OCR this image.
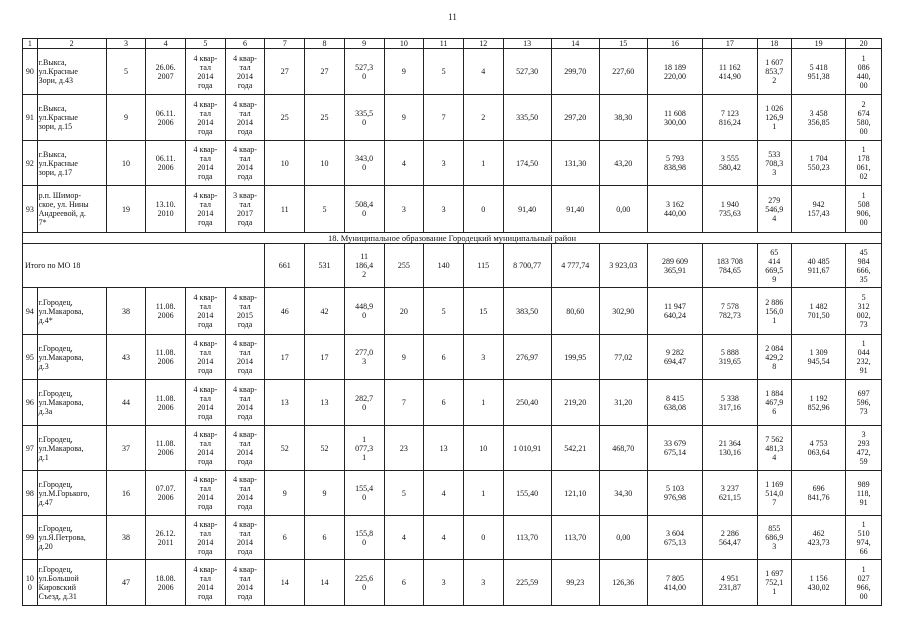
11
1	2	3	4	5	6	7	8	9	10	11	12	13	14	15	16	17	18	19	20
90	г.Выкса,
ул.Красные
Зори, д.43	5	26.06.
2007	4 квар-
тал
2014
года	4 квар-
тал
2014
года	27	27	527,3
0	9	5	4	527,30	299,70	227,60	18 189
220,00	11 162
414,90	1 607
853,7
2	5 418
951,38	1
086
440,
00
91	г.Выкса,
ул.Красные
зори, д.15	9	06.11.
2006	4 квар-
тал
2014
года	4 квар-
тал
2014
года	25	25	335,5
0	9	7	2	335,50	297,20	38,30	11 608
300,00	7 123
816,24	1 026
126,9
1	3 458
356,85	2
674
580,
00
92	г.Выкса,
ул.Красные
зори, д.17	10	06.11.
2006	4 квар-
тал
2014
года	4 квар-
тал
2014
года	10	10	343,0
0	4	3	1	174,50	131,30	43,20	5 793
838,98	3 555
580,42	533
708,3
3	1 704
550,23	1
178
061,
02
93	р.п. Шимор-
ское, ул. Нины
Андреевой, д.
7*	19	13.10.
2010	4 квар-
тал
2014
года	3 квар-
тал
2017
года	11	5	508,4
0	3	3	0	91,40	91,40	0,00	3 162
440,00	1 940
735,63	279
546,9
4	942
157,43	1
508
906,
00
18. Муниципальное образование Городецкий муниципальный район																			
Итого по МО 18						661	531	11
186,4
2	255	140	115	8 700,77	4 777,74	3 923,03	289 609
365,91	183 708
784,65	65
414
669,5
9	40 485
911,67	45
984
666,
35
94	г.Городец,
ул.Макарова,
д.4*	38	11.08.
2006	4 квар-
тал
2014
года	4 квар-
тал
2015
года	46	42	448,9
0	20	5	15	383,50	80,60	302,90	11 947
640,24	7 578
782,73	2 886
156,0
1	1 482
701,50	5
312
002,
73
95	г.Городец,
ул.Макарова,
д.3	43	11.08.
2006	4 квар-
тал
2014
года	4 квар-
тал
2014
года	17	17	277,0
3	9	6	3	276,97	199,95	77,02	9 282
694,47	5 888
319,65	2 084
429,2
8	1 309
945,54	1
044
232,
91
96	г.Городец,
ул.Макарова,
д.3а	44	11.08.
2006	4 квар-
тал
2014
года	4 квар-
тал
2014
года	13	13	282,7
0	7	6	1	250,40	219,20	31,20	8 415
638,08	5 338
317,16	1 884
467,9
6	1 192
852,96	697
596,
73
97	г.Городец,
ул.Макарова,
д.1	37	11.08.
2006	4 квар-
тал
2014
года	4 квар-
тал
2014
года	52	52	1
077,3
1	23	13	10	1 010,91	542,21	468,70	33 679
675,14	21 364
130,16	7 562
481,3
4	4 753
063,64	3
293
472,
59
98	г.Городец,
ул.М.Горького,
д.47	16	07.07.
2006	4 квар-
тал
2014
года	4 квар-
тал
2014
года	9	9	155,4
0	5	4	1	155,40	121,10	34,30	5 103
976,98	3 237
621,15	1 169
514,0
7	696
841,76	989
118,
91
99	г.Городец,
ул.Я.Петрова,
д.20	38	26.12.
2011	4 квар-
тал
2014
года	4 квар-
тал
2014
года	6	6	155,8
0	4	4	0	113,70	113,70	0,00	3 604
675,13	2 286
564,47	855
686,9
3	462
423,73	1
510
974,
66
10
0	г.Городец,
ул.Большой
Кировский
Съезд, д.31	47	18.08.
2006	4 квар-
тал
2014
года	4 квар-
тал
2014
года	14	14	225,6
0	6	3	3	225,59	99,23	126,36	7 805
414,00	4 951
231,87	1 697
752,1
1	1 156
430,02	1
027
966,
00
